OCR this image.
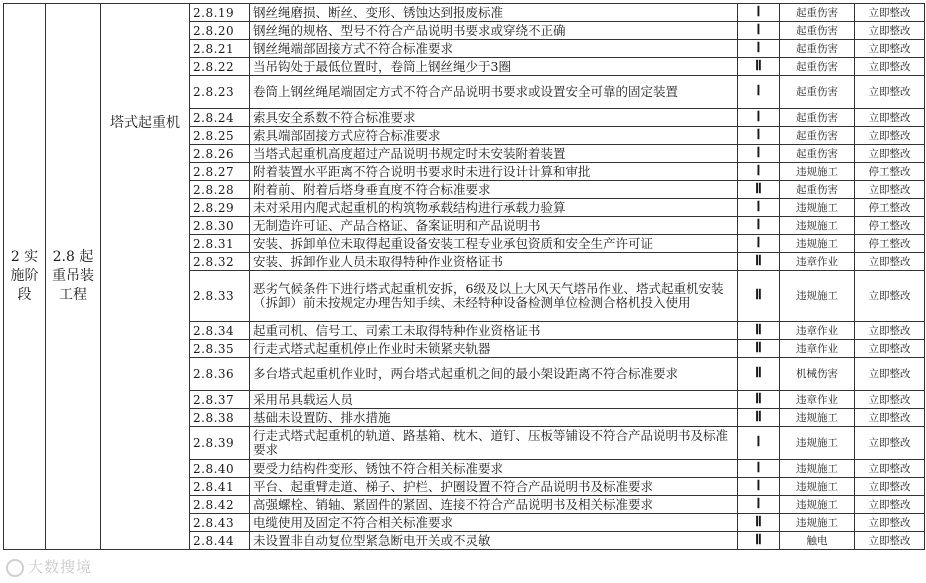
2 实施阶段	2.8 起重吊装工程	塔式起重机	2.8.19	钢丝绳磨损、断丝、变形、锈蚀达到报废标准	Ⅰ	起重伤害	立即整改
			2.8.20	钢丝绳的规格、型号不符合产品说明书要求或穿绕不正确	Ⅰ	起重伤害	立即整改
			2.8.21	钢丝绳端部固接方式不符合标准要求	Ⅰ	起重伤害	立即整改
			2.8.22	当吊钩处于最低位置时，卷筒上钢丝绳少于3圈	Ⅱ	起重伤害	立即整改
			2.8.23	卷筒上钢丝绳尾端固定方式不符合产品说明书要求或设置安全可靠的固定装置	Ⅰ	起重伤害	立即整改
			2.8.24	索具安全系数不符合标准要求	Ⅰ	起重伤害	立即整改
			2.8.25	索具端部固接方式应符合标准要求	Ⅰ	起重伤害	立即整改
			2.8.26	当塔式起重机高度超过产品说明书规定时未安装附着装置	Ⅰ	起重伤害	立即整改
			2.8.27	附着装置水平距离不符合说明书要求时未进行设计计算和审批	Ⅰ	违规施工	停工整改
			2.8.28	附着前、附着后塔身垂直度不符合标准要求	Ⅱ	起重伤害	立即整改
			2.8.29	未对采用内爬式起重机的构筑物承载结构进行承载力验算	Ⅰ	违规施工	停工整改
			2.8.30	无制造许可证、产品合格证、备案证明和产品说明书	Ⅰ	违规施工	停工整改
			2.8.31	安装、拆卸单位未取得起重设备安装工程专业承包资质和安全生产许可证	Ⅰ	违规施工	停工整改
			2.8.32	安装、拆卸作业人员未取得特种作业资格证书	Ⅱ	违章作业	立即整改
			2.8.33	恶劣气候条件下进行塔式起重机安拆，6级及以上大风天气塔吊作业、塔式起重机安装（拆卸）前未按规定办理告知手续、未经特种设备检测单位检测合格机投入使用	Ⅱ	违规施工	立即整改
			2.8.34	起重司机、信号工、司索工未取得特种作业资格证书	Ⅱ	违章作业	立即整改
			2.8.35	行走式塔式起重机停止作业时未锁紧夹轨器	Ⅱ	违章作业	立即整改
			2.8.36	多台塔式起重机作业时，两台塔式起重机之间的最小架设距离不符合标准要求	Ⅱ	机械伤害	立即整改
			2.8.37	采用吊具载运人员	Ⅱ	违章作业	立即整改
			2.8.38	基础未设置防、排水措施	Ⅱ	违规施工	立即整改
			2.8.39	行走式塔式起重机的轨道、路基箱、枕木、道钉、压板等铺设不符合产品说明书及标准要求	Ⅰ	违规施工	立即整改
			2.8.40	要受力结构件变形、锈蚀不符合相关标准要求	Ⅰ	违规施工	立即整改
			2.8.41	平台、起重臂走道、梯子、护栏、护圈设置不符合产品说明书及标准要求	Ⅰ	违规施工	立即整改
			2.8.42	高强螺栓、销轴、紧固件的紧固、连接不符合产品说明书及相关标准要求	Ⅰ	违规施工	立即整改
			2.8.43	电缆使用及固定不符合相关标准要求	Ⅱ	违规施工	立即整改
			2.8.44	未设置非自动复位型紧急断电开关或不灵敏	Ⅱ	触电	立即整改
大数搜境
